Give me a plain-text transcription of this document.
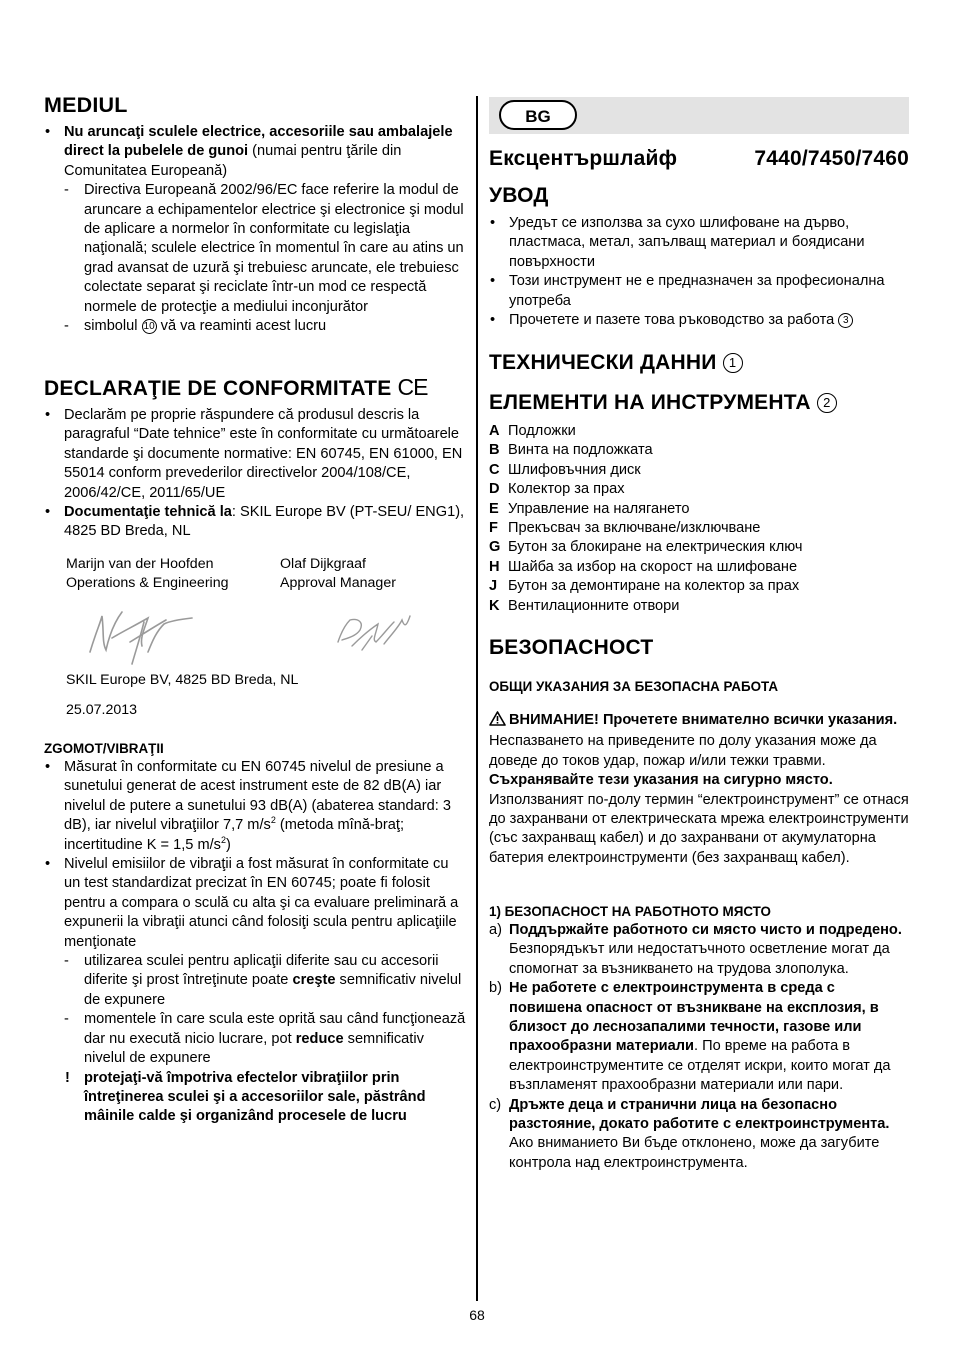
MEDIUL
• Nu aruncaţi sculele electrice, accesoriile sau ambalajele direct la pubelele de gunoi (numai pentru ţările din Comunitatea Europeană)
- Directiva Europeană 2002/96/EC face referire la modul de aruncare a echipamentelor electrice şi electronice şi modul de aplicare a normelor în conformitate cu legislaţia naţională; sculele electrice în momentul în care au atins un grad avansat de uzură şi trebuiesc aruncate, ele trebuiesc colectate separat şi reciclate într-un mod ce respectă normele de protecţie a mediului inconjurător
- simbolul 10 vă va reaminti acest lucru
DECLARAŢIE DE CONFORMITATE CE
• Declarăm pe proprie răspundere că produsul descris la paragraful “Date tehnice” este în conformitate cu următoarele standarde şi documente normative: EN 60745, EN 61000, EN 55014 conform prevederilor directivelor 2004/108/CE, 2006/42/CE, 2011/65/UE
• Documentaţie tehnică la: SKIL Europe BV (PT-SEU/ ENG1), 4825 BD Breda, NL
Marijn van der Hoofden	Olaf Dijkgraaf
Operations & Engineering	Approval Manager
SKIL Europe BV, 4825 BD Breda, NL
25.07.2013
ZGOMOT/VIBRAŢII
• Măsurat în conformitate cu EN 60745 nivelul de presiune a sunetului generat de acest instrument este de 82 dB(A) iar nivelul de putere a sunetului 93 dB(A) (abaterea standard: 3 dB), iar nivelul vibraţiilor 7,7 $m/s^2$ (metoda mînă-braţ; incertitudine K = 1,5 $m/s^2$)
• Nivelul emisiilor de vibraţii a fost măsurat în conformitate cu un test standardizat precizat în EN 60745; poate fi folosit pentru a compara o sculă cu alta şi ca evaluare preliminară a expunerii la vibraţii atunci când folosiţi scula pentru aplicaţiile menţionate
- utilizarea sculei pentru aplicaţii diferite sau cu accesorii diferite şi prost întreţinute poate creşte semnificativ nivelul de expunere
- momentele în care scula este oprită sau când funcţionează dar nu execută nicio lucrare, pot reduce semnificativ nivelul de expunere
! protejaţi-vă împotriva efectelor vibraţiilor prin întreţinerea sculei şi a accesoriilor sale, păstrând mâinile calde şi organizând procesele de lucru
BG
Ексцентършлайф	7440/7450/7460
УВОД
• Уредът се използва за сухо шлифоване на дърво, пластмаса, метал, запълващ материал и боядисани повърхности
• Този инструмент не е предназначен за професионална употреба
• Прочетете и пазете това ръководство за работа 3
ТЕХНИЧЕСКИ ДАННИ 1
ЕЛЕМЕНТИ НА ИНСТРУМЕНТА 2
A Подложки
B Винта на подложката
C Шлифовъчния диск
D Колектор за прах
E Управление на налягането
F Прекъсвач за включване/изключване
G Бутон за блокиране на електрическия ключ
H Шайба за избор на скорост на шлифоване
J Бутон за демонтиране на колектор за прах
K Вентилационните отвори
БЕЗОПАСНОСТ
ОБЩИ УКАЗАНИЯ ЗА БЕЗОПАСНА РАБОТА
ВНИМАНИЕ! Прочетете внимателно всички указания. Неспазването на приведените по долу указания може да доведе до токов удар, пожар и/или тежки травми. Съхранявайте тези указания на сигурно място. Използваният по-долу термин “електроинструмент” се отнася до захранвани от електрическата мрежа електроинструменти (със захранващ кабел) и до захранвани от акумулаторна батерия електроинструменти (без захранващ кабел).
1) БЕЗОПАСНОСТ НА РАБОТНОТО МЯСТО
a) Поддържайте работното си място чисто и подредено. Безпорядъкът или недостатъчното осветление могат да спомогнат за възникването на трудова злополука.
b) Не работете с електроинструмента в среда с повишена опасност от възникване на експлозия, в близост до леснозапалими течности, газове или прахообразни материали. По време на работа в електроинструментите се отделят искри, които могат да възпламенят прахообразни материали или пари.
c) Дръжте деца и странични лица на безопасно разстояние, докато работите с електроинструмента. Ако вниманието Ви бъде отклонено, може да загубите контрола над електроинструмента.
68
